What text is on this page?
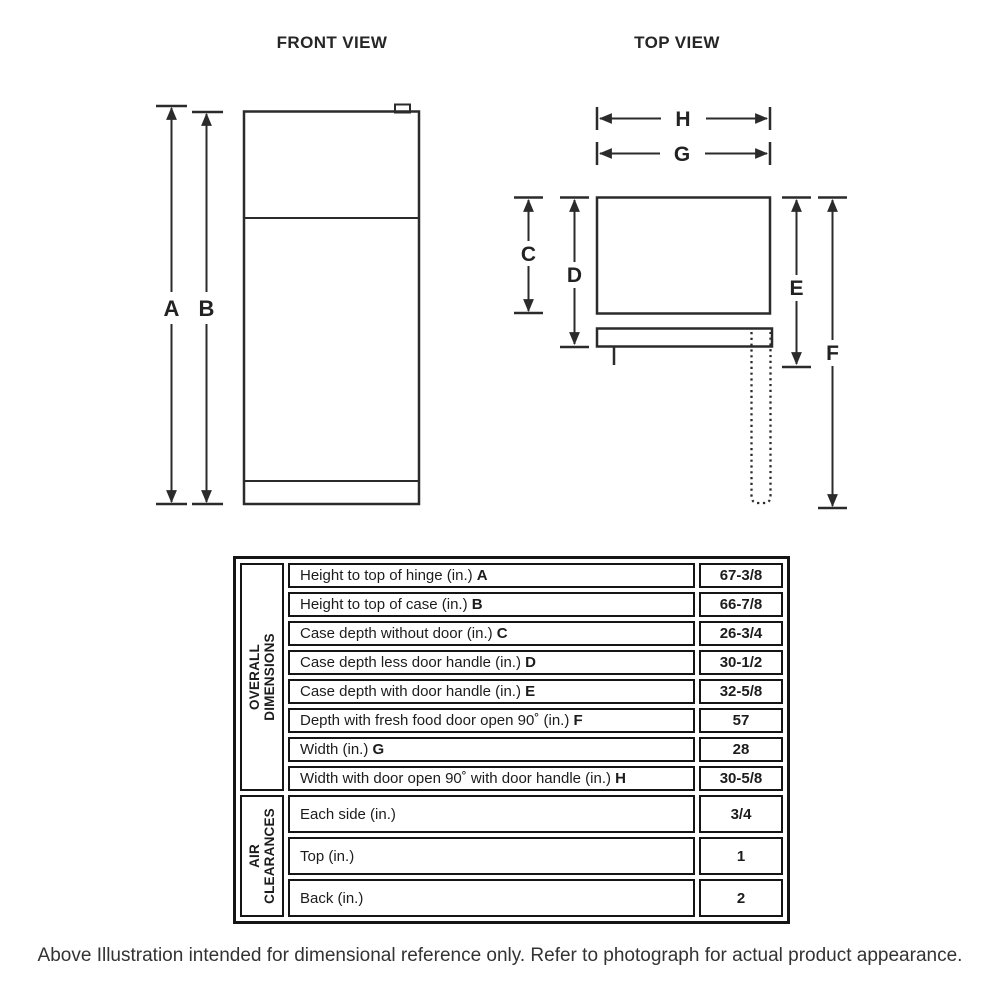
FRONT VIEW	TOP VIEW
A B
H
G
C
D
E
F
OVERALL DIMENSIONS	Height to top of hinge (in.) A	67-3/8
	Height to top of case (in.) B	66-7/8
	Case depth without door (in.) C	26-3/4
	Case depth less door handle (in.) D	30-1/2
	Case depth with door handle (in.) E	32-5/8
	Depth with fresh food door open 90˚ (in.) F	57
	Width (in.) G	28
	Width with door open 90˚ with door handle (in.) H	30-5/8

AIR CLEARANCES	Each side (in.)	3/4
	Top (in.)	1
	Back (in.)	2
Above Illustration intended for dimensional reference only. Refer to photograph for actual product appearance.
